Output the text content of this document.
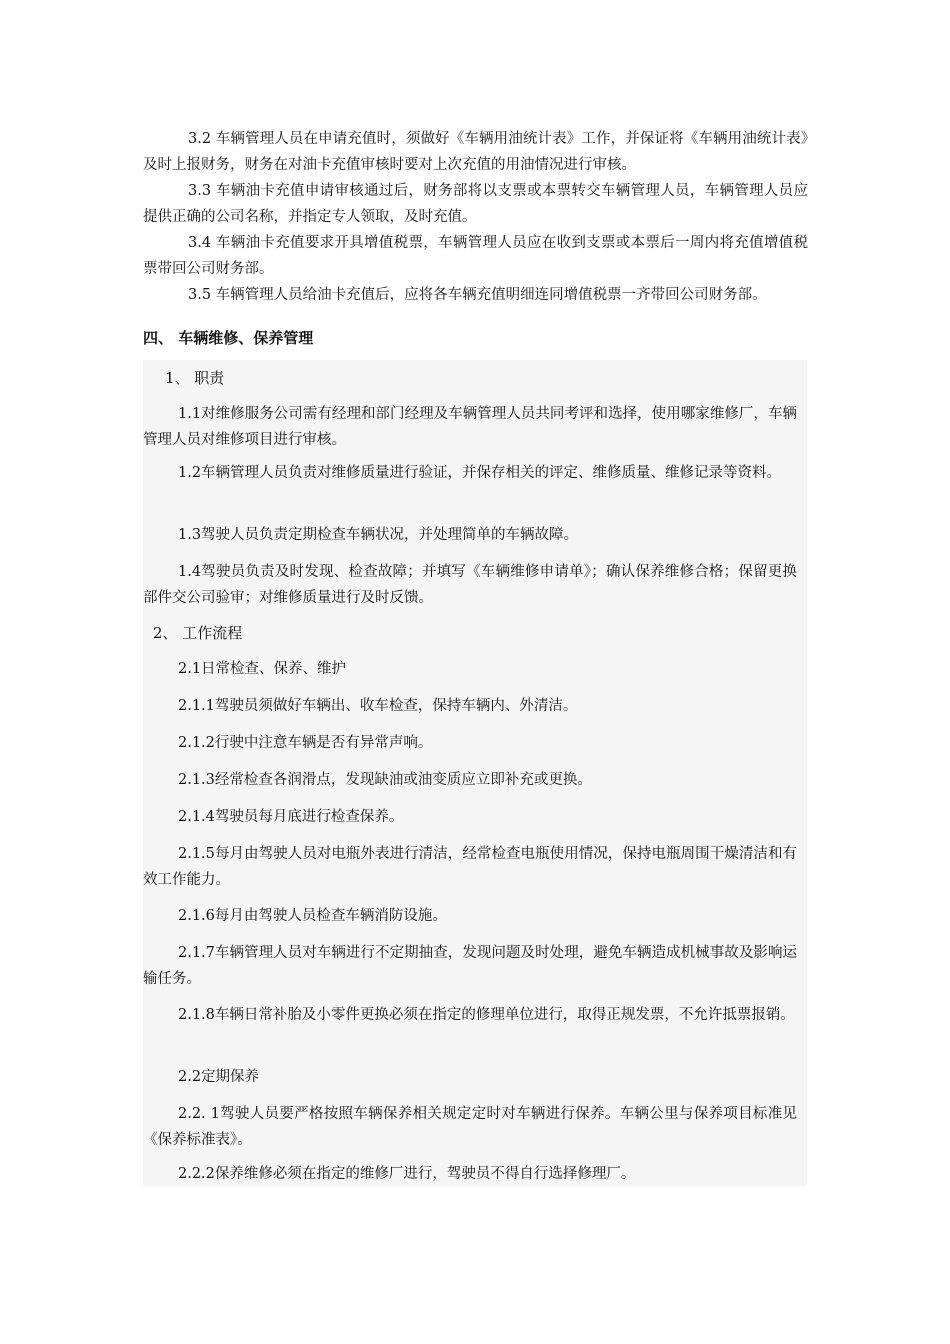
3.2 车辆管理人员在申请充值时，须做好《车辆用油统计表》工作，并保证将《车辆用油统计表》及时上报财务，财务在对油卡充值审核时要对上次充值的用油情况进行审核。

3.3 车辆油卡充值申请审核通过后，财务部将以支票或本票转交车辆管理人员，车辆管理人员应提供正确的公司名称，并指定专人领取，及时充值。

3.4 车辆油卡充值要求开具增值税票，车辆管理人员应在收到支票或本票后一周内将充值增值税票带回公司财务部。

3.5 车辆管理人员给油卡充值后，应将各车辆充值明细连同增值税票一齐带回公司财务部。

四、 车辆维修、保养管理

1、 职责

1.1对维修服务公司需有经理和部门经理及车辆管理人员共同考评和选择，使用哪家维修厂，车辆管理人员对维修项目进行审核。

1.2车辆管理人员负责对维修质量进行验证，并保存相关的评定、维修质量、维修记录等资料。

1.3驾驶人员负责定期检查车辆状况，并处理简单的车辆故障。

1.4驾驶员负责及时发现、检查故障；并填写《车辆维修申请单》；确认保养维修合格；保留更换部件交公司验审；对维修质量进行及时反馈。

2、 工作流程

2.1日常检查、保养、维护

2.1.1驾驶员须做好车辆出、收车检查，保持车辆内、外清洁。

2.1.2行驶中注意车辆是否有异常声响。

2.1.3经常检查各润滑点，发现缺油或油变质应立即补充或更换。

2.1.4驾驶员每月底进行检查保养。

2.1.5每月由驾驶人员对电瓶外表进行清洁，经常检查电瓶使用情况，保持电瓶周围干燥清洁和有效工作能力。

2.1.6每月由驾驶人员检查车辆消防设施。

2.1.7车辆管理人员对车辆进行不定期抽查，发现问题及时处理，避免车辆造成机械事故及影响运输任务。

2.1.8车辆日常补胎及小零件更换必须在指定的修理单位进行，取得正规发票，不允许抵票报销。

2.2定期保养

2.2. 1驾驶人员要严格按照车辆保养相关规定定时对车辆进行保养。车辆公里与保养项目标准见《保养标准表》。

2.2.2保养维修必须在指定的维修厂进行，驾驶员不得自行选择修理厂。
